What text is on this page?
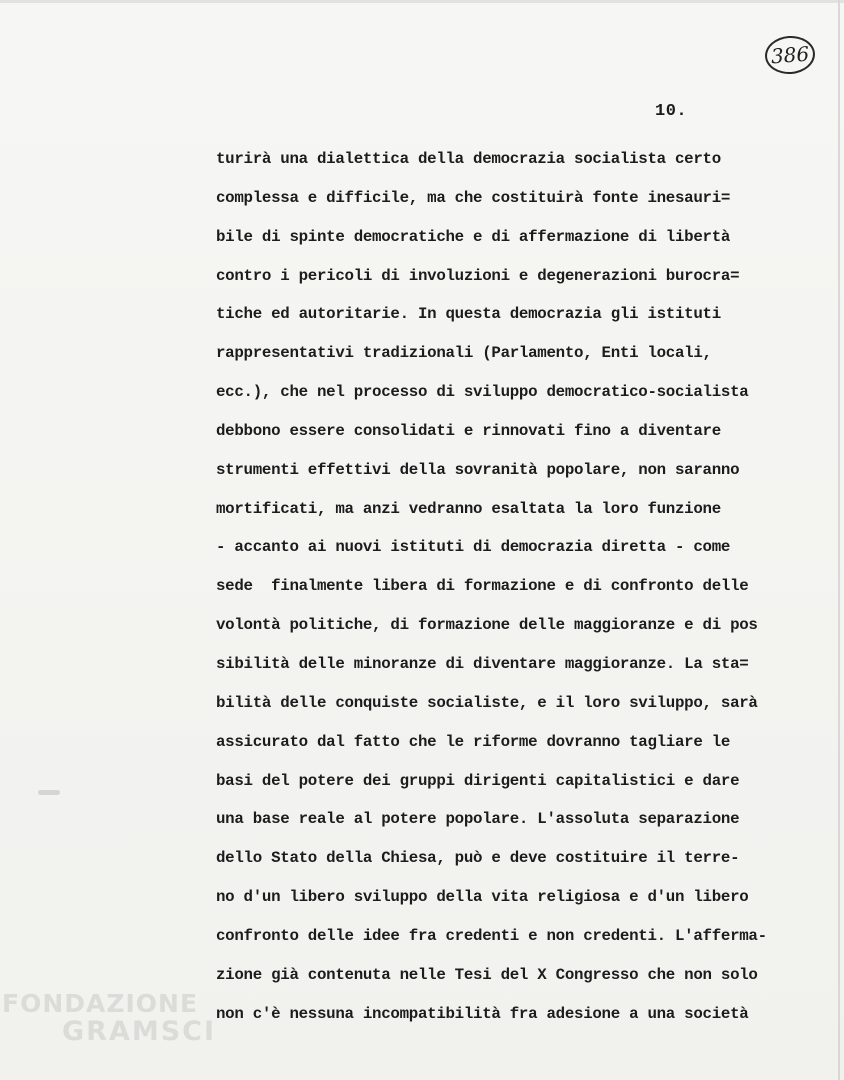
386
10.
turirà una dialettica della democrazia socialista certo
complessa e difficile, ma che costituirà fonte inesauri=
bile di spinte democratiche e di affermazione di libertà
contro i pericoli di involuzioni e degenerazioni burocra=
tiche ed autoritarie. In questa democrazia gli istituti
rappresentativi tradizionali (Parlamento, Enti locali,
ecc.), che nel processo di sviluppo democratico-socialista
debbono essere consolidati e rinnovati fino a diventare
strumenti effettivi della sovranità popolare, non saranno
mortificati, ma anzi vedranno esaltata la loro funzione
- accanto ai nuovi istituti di democrazia diretta - come
sede  finalmente libera di formazione e di confronto delle
volontà politiche, di formazione delle maggioranze e di pos
sibilità delle minoranze di diventare maggioranze. La sta=
bilità delle conquiste socialiste, e il loro sviluppo, sarà
assicurato dal fatto che le riforme dovranno tagliare le
basi del potere dei gruppi dirigenti capitalistici e dare
una base reale al potere popolare. L'assoluta separazione
dello Stato della Chiesa, può e deve costituire il terre-
no d'un libero sviluppo della vita religiosa e d'un libero
confronto delle idee fra credenti e non credenti. L'afferma-
zione già contenuta nelle Tesi del X Congresso che non solo
non c'è nessuna incompatibilità fra adesione a una società
FONDAZIONE
GRAMSCI
